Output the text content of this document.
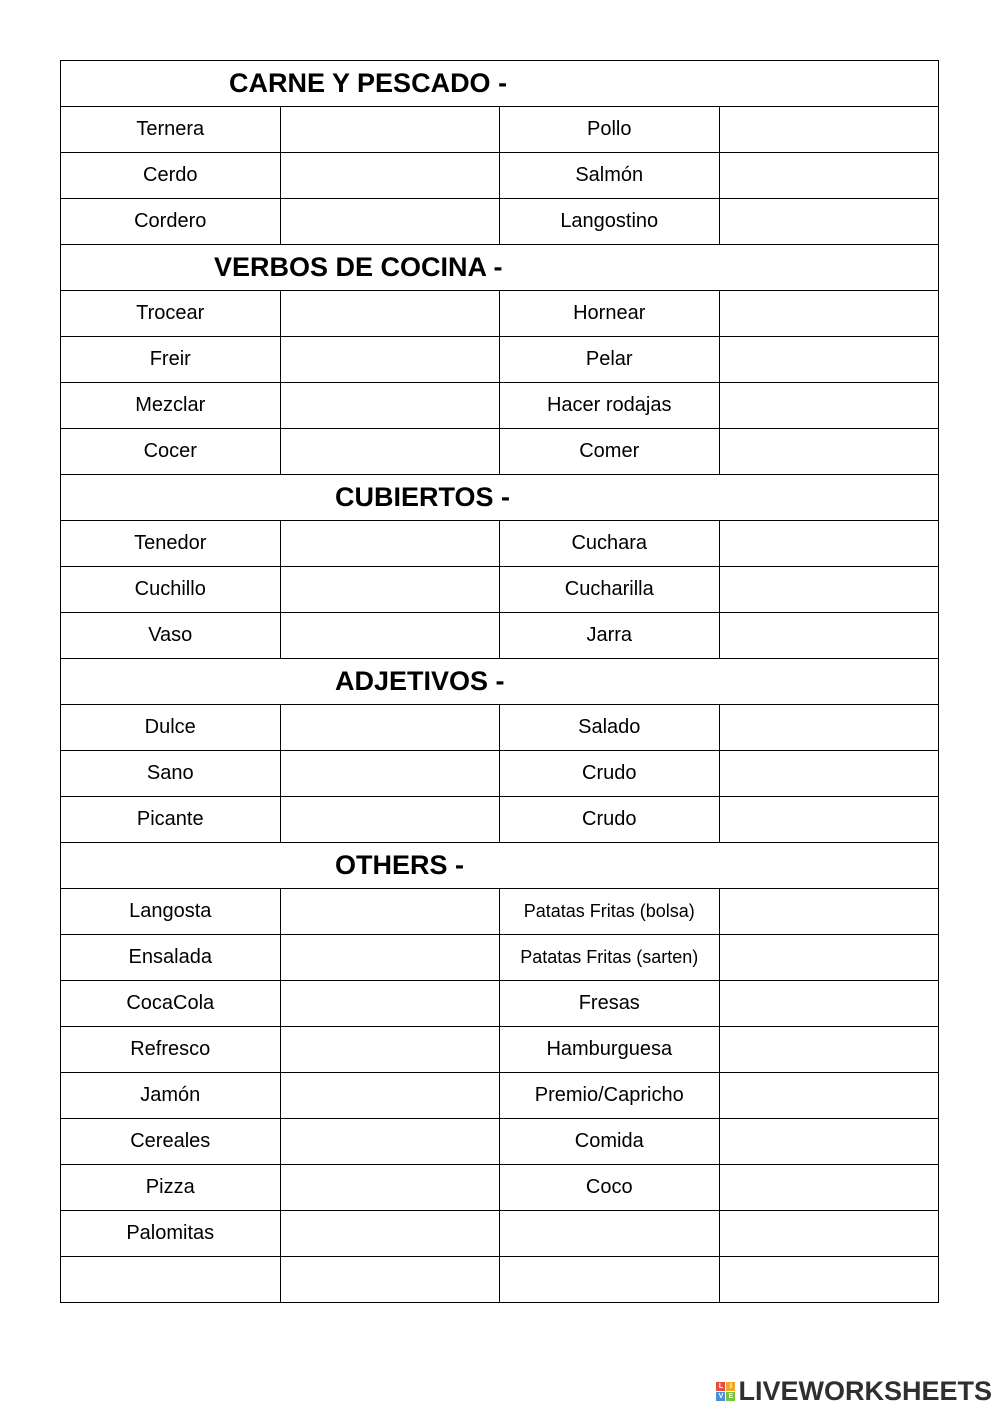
CARNE Y PESCADO -			
Ternera		Pollo	
Cerdo		Salmón	
Cordero		Langostino	
VERBOS DE COCINA -			
Trocear		Hornear	
Freir		Pelar	
Mezclar		Hacer rodajas	
Cocer		Comer	
CUBIERTOS -			
Tenedor		Cuchara	
Cuchillo		Cucharilla	
Vaso		Jarra	
ADJETIVOS -			
Dulce		Salado	
Sano		Crudo	
Picante		Crudo	
OTHERS -			
Langosta		Patatas Fritas (bolsa)	
Ensalada		Patatas Fritas (sarten)	
CocaCola		Fresas	
Refresco		Hamburguesa	
Jamón		Premio/Capricho	
Cereales		Comida	
Pizza		Coco	
Palomitas			

L I
V E LIVEWORKSHEETS
